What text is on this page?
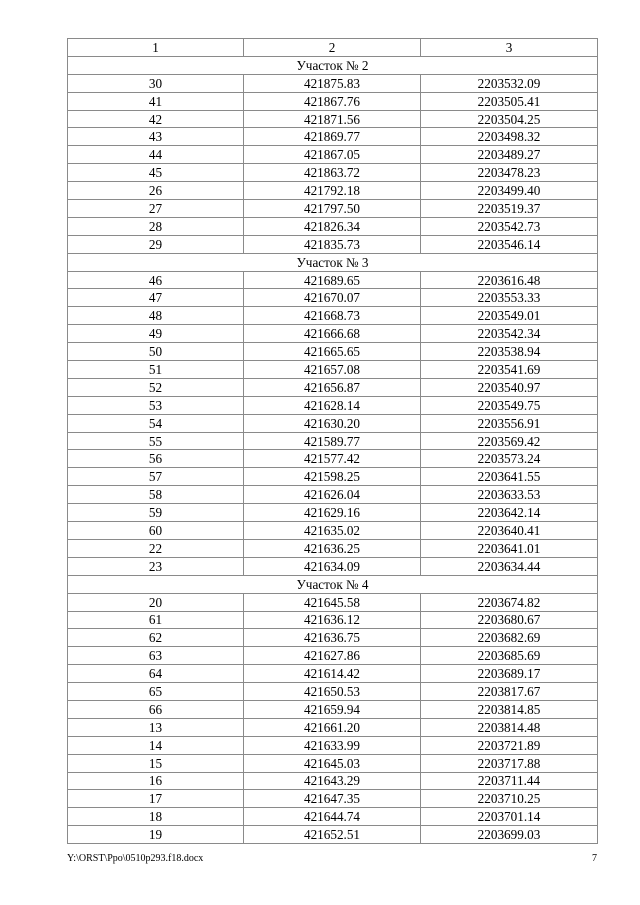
1	2	3
Участок № 2		
30	421875.83	2203532.09
41	421867.76	2203505.41
42	421871.56	2203504.25
43	421869.77	2203498.32
44	421867.05	2203489.27
45	421863.72	2203478.23
26	421792.18	2203499.40
27	421797.50	2203519.37
28	421826.34	2203542.73
29	421835.73	2203546.14
Участок № 3		
46	421689.65	2203616.48
47	421670.07	2203553.33
48	421668.73	2203549.01
49	421666.68	2203542.34
50	421665.65	2203538.94
51	421657.08	2203541.69
52	421656.87	2203540.97
53	421628.14	2203549.75
54	421630.20	2203556.91
55	421589.77	2203569.42
56	421577.42	2203573.24
57	421598.25	2203641.55
58	421626.04	2203633.53
59	421629.16	2203642.14
60	421635.02	2203640.41
22	421636.25	2203641.01
23	421634.09	2203634.44
Участок № 4		
20	421645.58	2203674.82
61	421636.12	2203680.67
62	421636.75	2203682.69
63	421627.86	2203685.69
64	421614.42	2203689.17
65	421650.53	2203817.67
66	421659.94	2203814.85
13	421661.20	2203814.48
14	421633.99	2203721.89
15	421645.03	2203717.88
16	421643.29	2203711.44
17	421647.35	2203710.25
18	421644.74	2203701.14
19	421652.51	2203699.03
Y:\ORST\Ppo\0510p293.f18.docx	7
